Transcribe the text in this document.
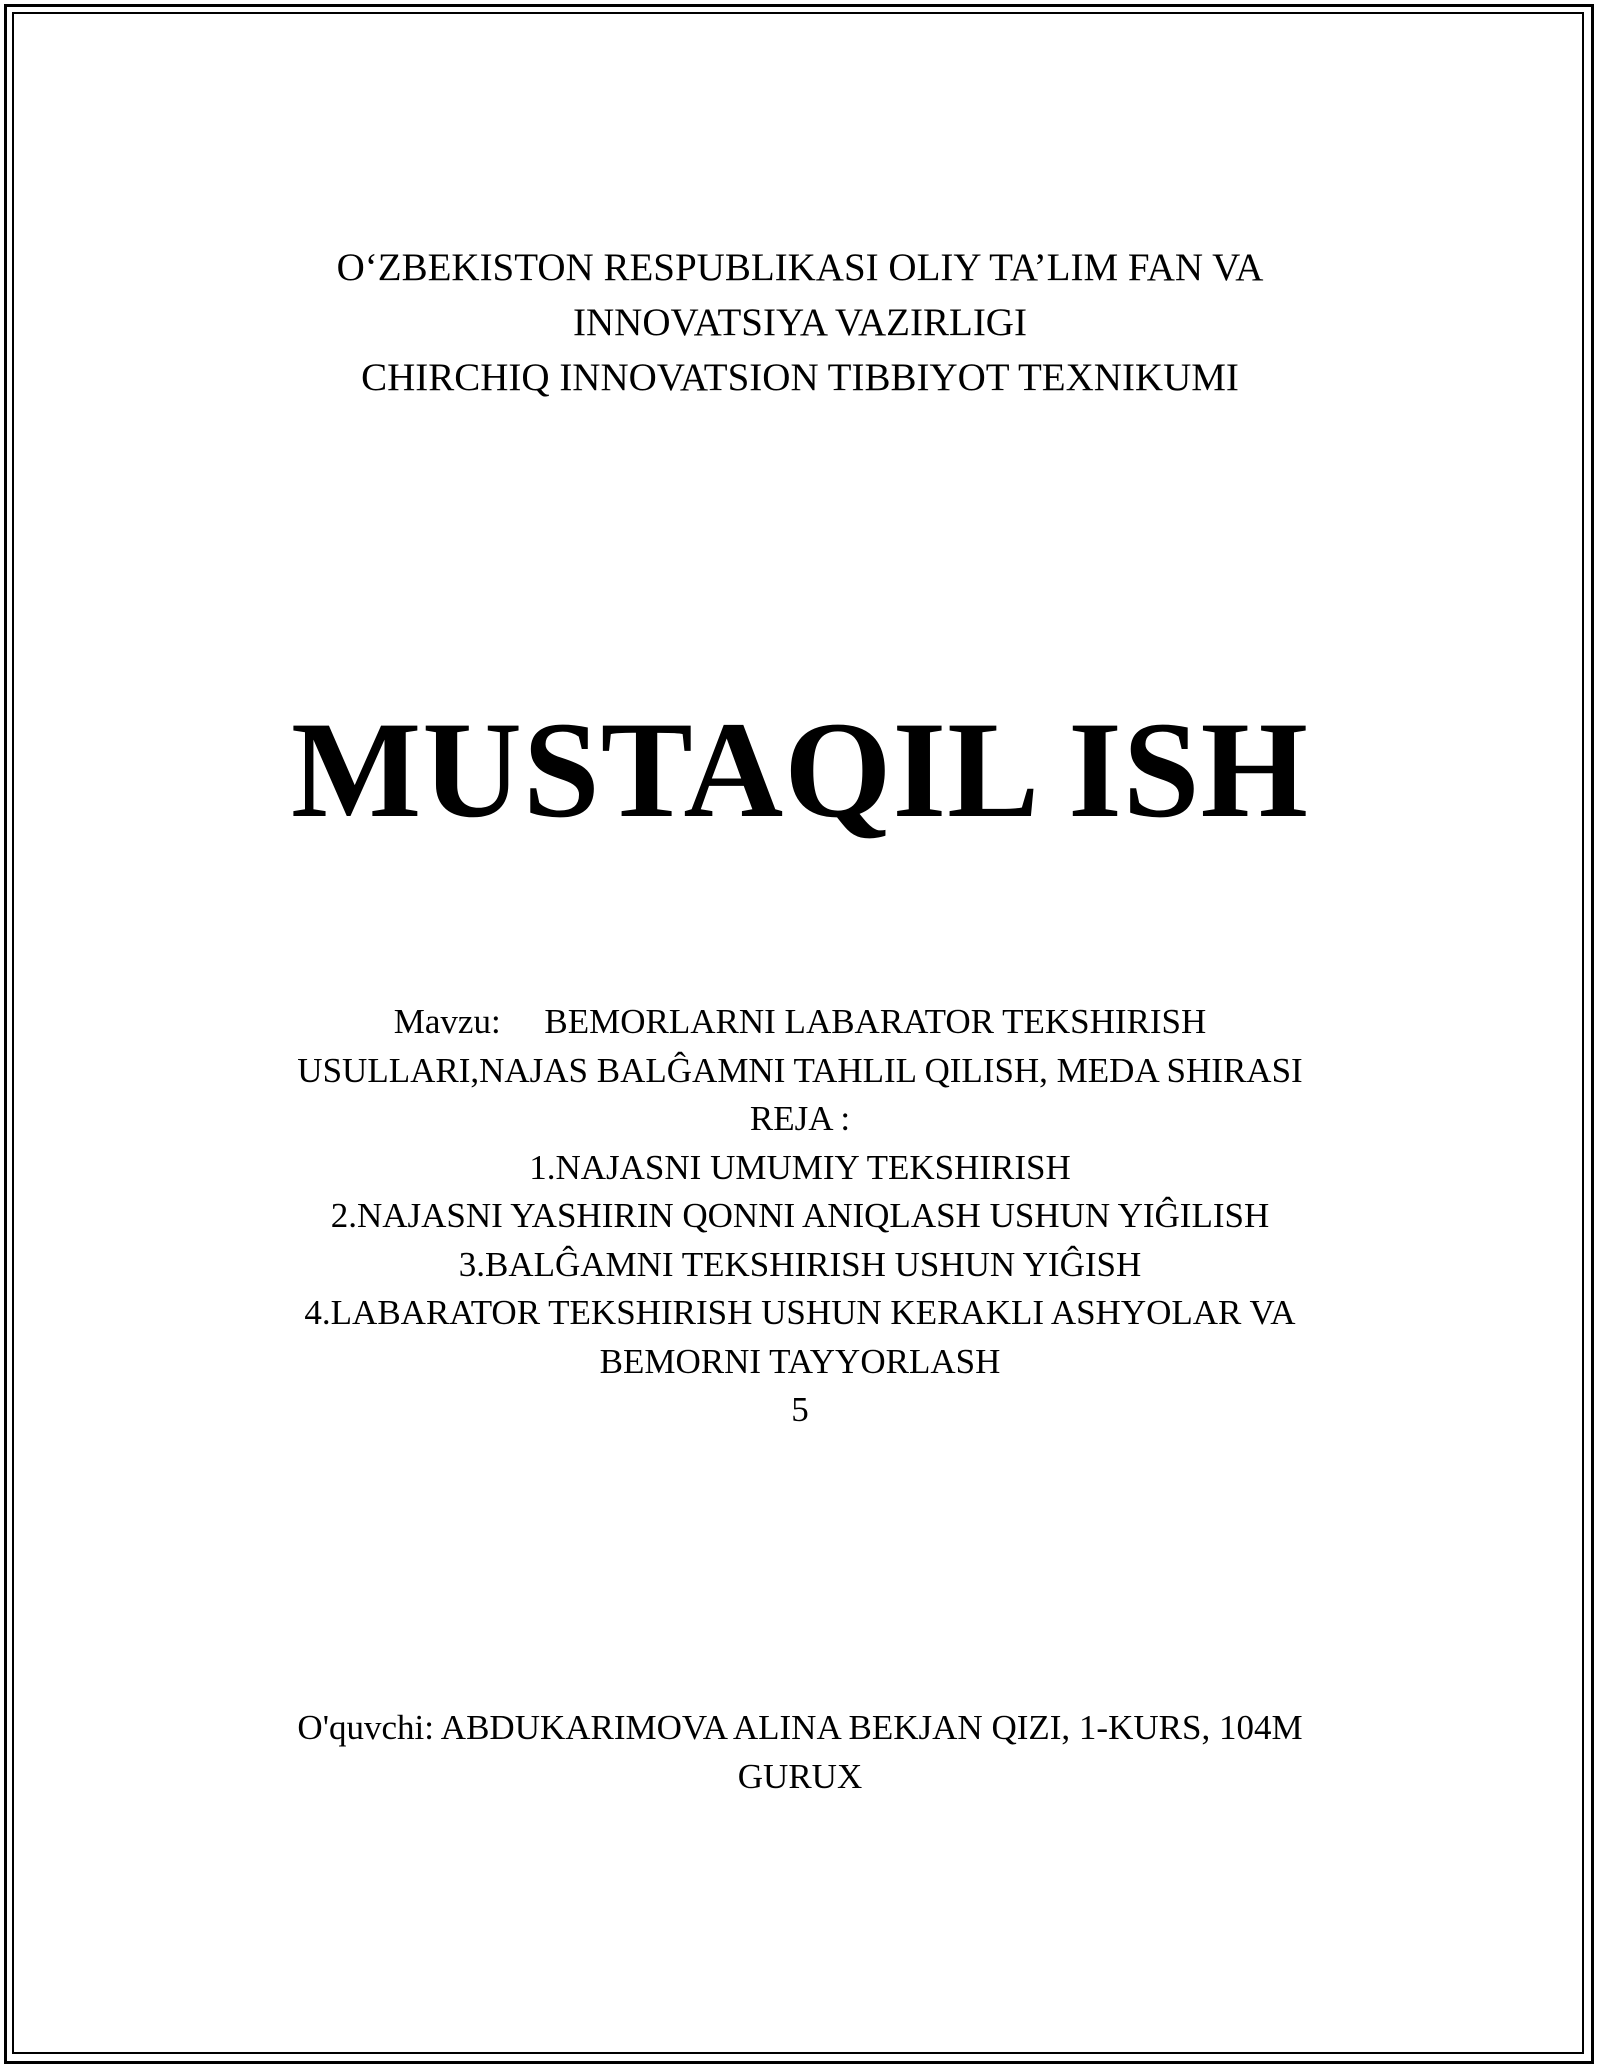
O‘ZBEKISTON RESPUBLIKASI OLIY TA’LIM FAN VA
INNOVATSIYA VAZIRLIGI
CHIRCHIQ INNOVATSION TIBBIYOT TEXNIKUMI
MUSTAQIL ISH
Mavzu:     BEMORLARNI LABARATOR TEKSHIRISH
USULLARI,NAJAS BALĜAMNI TAHLIL QILISH, MEDA SHIRASI
REJA :
1.NAJASNI UMUMIY TEKSHIRISH
2.NAJASNI YASHIRIN QONNI ANIQLASH USHUN YIĜILISH
3.BALĜAMNI TEKSHIRISH USHUN YIĜISH
4.LABARATOR TEKSHIRISH USHUN KERAKLI ASHYOLAR VA
BEMORNI TAYYORLASH
5
O'quvchi: ABDUKARIMOVA ALINA BEKJAN QIZI, 1-KURS, 104M
GURUX
